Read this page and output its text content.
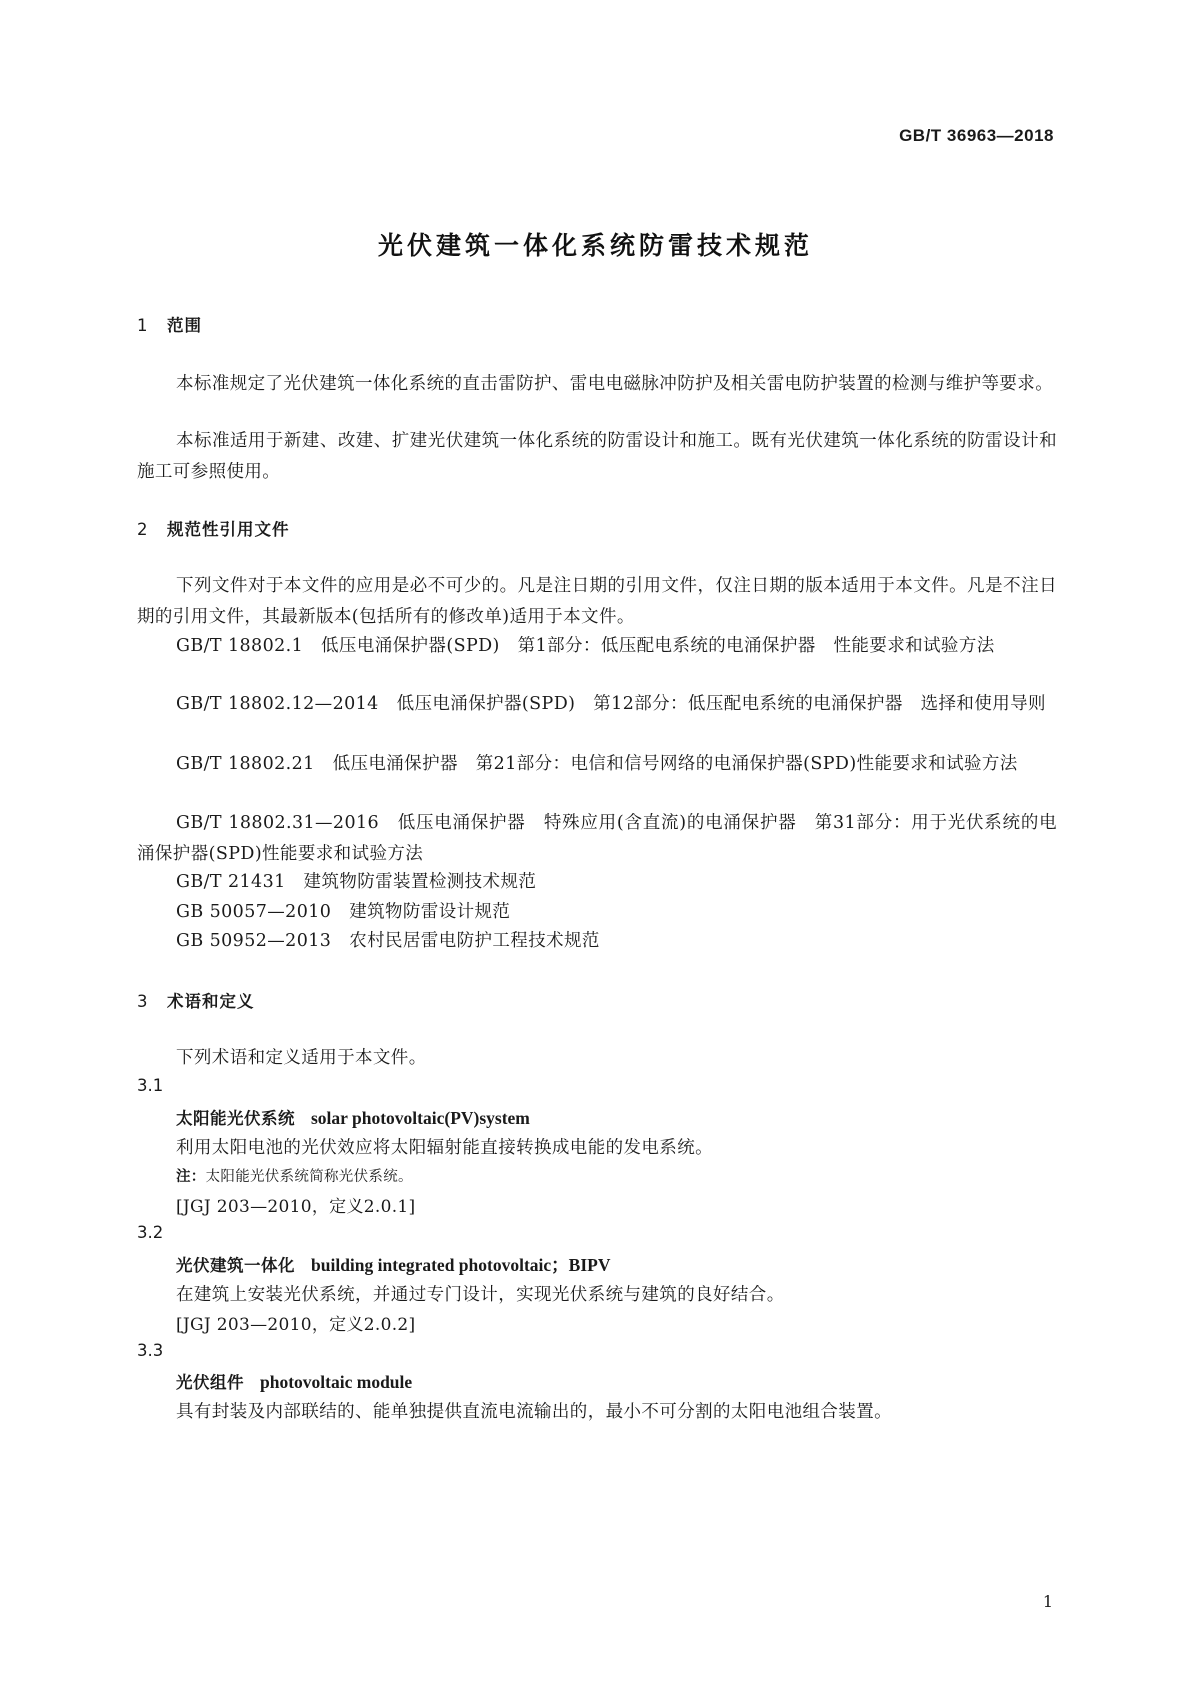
GB/T 36963—2018
光伏建筑一体化系统防雷技术规范
1 范围
本标准规定了光伏建筑一体化系统的直击雷防护、雷电电磁脉冲防护及相关雷电防护装置的检测与维护等要求。
本标准适用于新建、改建、扩建光伏建筑一体化系统的防雷设计和施工。既有光伏建筑一体化系统的防雷设计和施工可参照使用。
2 规范性引用文件
下列文件对于本文件的应用是必不可少的。凡是注日期的引用文件，仅注日期的版本适用于本文件。凡是不注日期的引用文件，其最新版本(包括所有的修改单)适用于本文件。
GB/T 18802.1　低压电涌保护器(SPD)　第1部分：低压配电系统的电涌保护器　性能要求和试验方法
GB/T 18802.12—2014　低压电涌保护器(SPD)　第12部分：低压配电系统的电涌保护器　选择和使用导则
GB/T 18802.21　低压电涌保护器　第21部分：电信和信号网络的电涌保护器(SPD)性能要求和试验方法
GB/T 18802.31—2016　低压电涌保护器　特殊应用(含直流)的电涌保护器　第31部分：用于光伏系统的电涌保护器(SPD)性能要求和试验方法
GB/T 21431　建筑物防雷装置检测技术规范
GB 50057—2010　建筑物防雷设计规范
GB 50952—2013　农村民居雷电防护工程技术规范
3 术语和定义
下列术语和定义适用于本文件。
3.1
太阳能光伏系统 solar photovoltaic(PV)system
利用太阳电池的光伏效应将太阳辐射能直接转换成电能的发电系统。
注：太阳能光伏系统简称光伏系统。
[JGJ 203—2010，定义2.0.1]
3.2
光伏建筑一体化 building integrated photovoltaic；BIPV
在建筑上安装光伏系统，并通过专门设计，实现光伏系统与建筑的良好结合。
[JGJ 203—2010，定义2.0.2]
3.3
光伏组件 photovoltaic module
具有封装及内部联结的、能单独提供直流电流输出的，最小不可分割的太阳电池组合装置。
1
